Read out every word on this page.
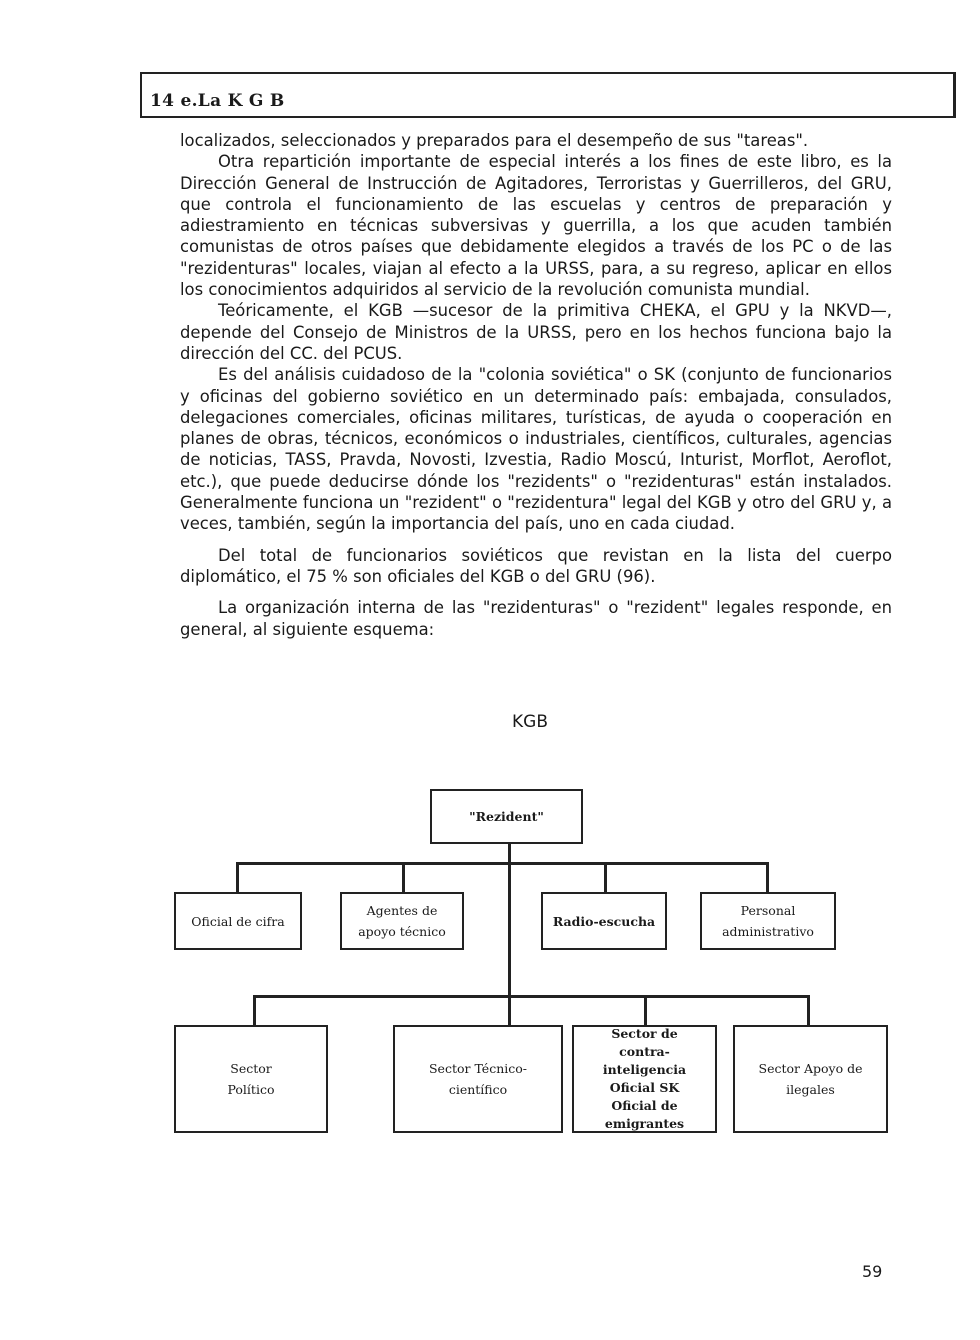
14 e.La K G B

localizados, seleccionados y preparados para el desempeño de sus "tareas".

Otra repartición importante de especial interés a los fines de este libro, es la Dirección General de Instrucción de Agitadores, Terroristas y Guerrilleros, del GRU, que controla el funcionamiento de las escuelas y centros de preparación y adiestramiento en técnicas subversivas y guerrilla, a los que acuden también comunistas de otros países que debidamente elegidos a través de los PC o de las "rezidenturas" locales, viajan al efecto a la URSS, para, a su regreso, aplicar en ellos los conocimientos adquiridos al servicio de la revolución comunista mundial.

Teóricamente, el KGB —sucesor de la primitiva CHEKA, el GPU y la NKVD—, depende del Consejo de Ministros de la URSS, pero en los hechos funciona bajo la dirección del CC. del PCUS.

Es del análisis cuidadoso de la "colonia soviética" o SK (conjunto de funcionarios y oficinas del gobierno soviético en un determinado país: embajada, consulados, delegaciones comerciales, oficinas militares, turísticas, de ayuda o cooperación en planes de obras, técnicos, económicos o industriales, científicos, culturales, agencias de noticias, TASS, Pravda, Novosti, Izvestia, Radio Moscú, Inturist, Morflot, Aeroflot, etc.), que puede deducirse dónde los "rezidents" o "rezidenturas" están instalados. Generalmente funciona un "rezident" o "rezidentura" legal del KGB y otro del GRU y, a veces, también, según la importancia del país, uno en cada ciudad.

Del total de funcionarios soviéticos que revistan en la lista del cuerpo diplomático, el 75 % son oficiales del KGB o del GRU (96).

La organización interna de las "rezidenturas" o "rezident" legales responde, en general, al siguiente esquema:

KGB
"Rezident"
Oficial de cifra
Agentes de apoyo técnico
Radio-escucha
Personal administrativo
Sector Político
Sector Técnico-científico
Sector de contra-inteligencia Oficial SK Oficial de emigrantes
Sector Apoyo de ilegales
59
